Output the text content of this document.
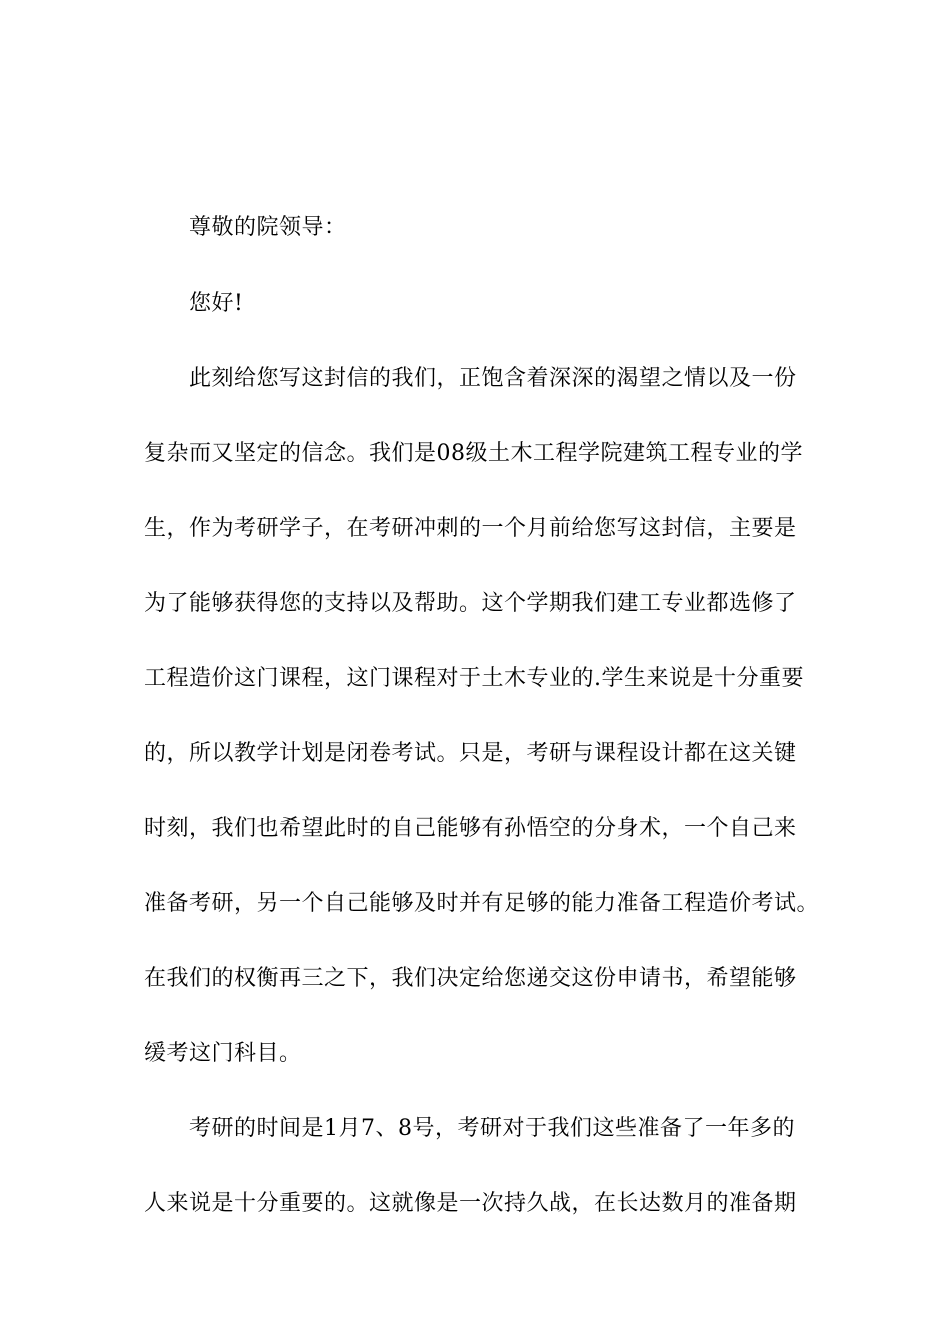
尊敬的院领导：
您好!
此刻给您写这封信的我们，正饱含着深深的渴望之情以及一份
复杂而又坚定的信念。我们是08级土木工程学院建筑工程专业的学
生，作为考研学子，在考研冲刺的一个月前给您写这封信，主要是
为了能够获得您的支持以及帮助。这个学期我们建工专业都选修了
工程造价这门课程，这门课程对于土木专业的.学生来说是十分重要
的，所以教学计划是闭卷考试。只是，考研与课程设计都在这关键
时刻，我们也希望此时的自己能够有孙悟空的分身术，一个自己来
准备考研，另一个自己能够及时并有足够的能力准备工程造价考试。
在我们的权衡再三之下，我们决定给您递交这份申请书，希望能够
缓考这门科目。
考研的时间是1月7、8号，考研对于我们这些准备了一年多的
人来说是十分重要的。这就像是一次持久战，在长达数月的准备期
